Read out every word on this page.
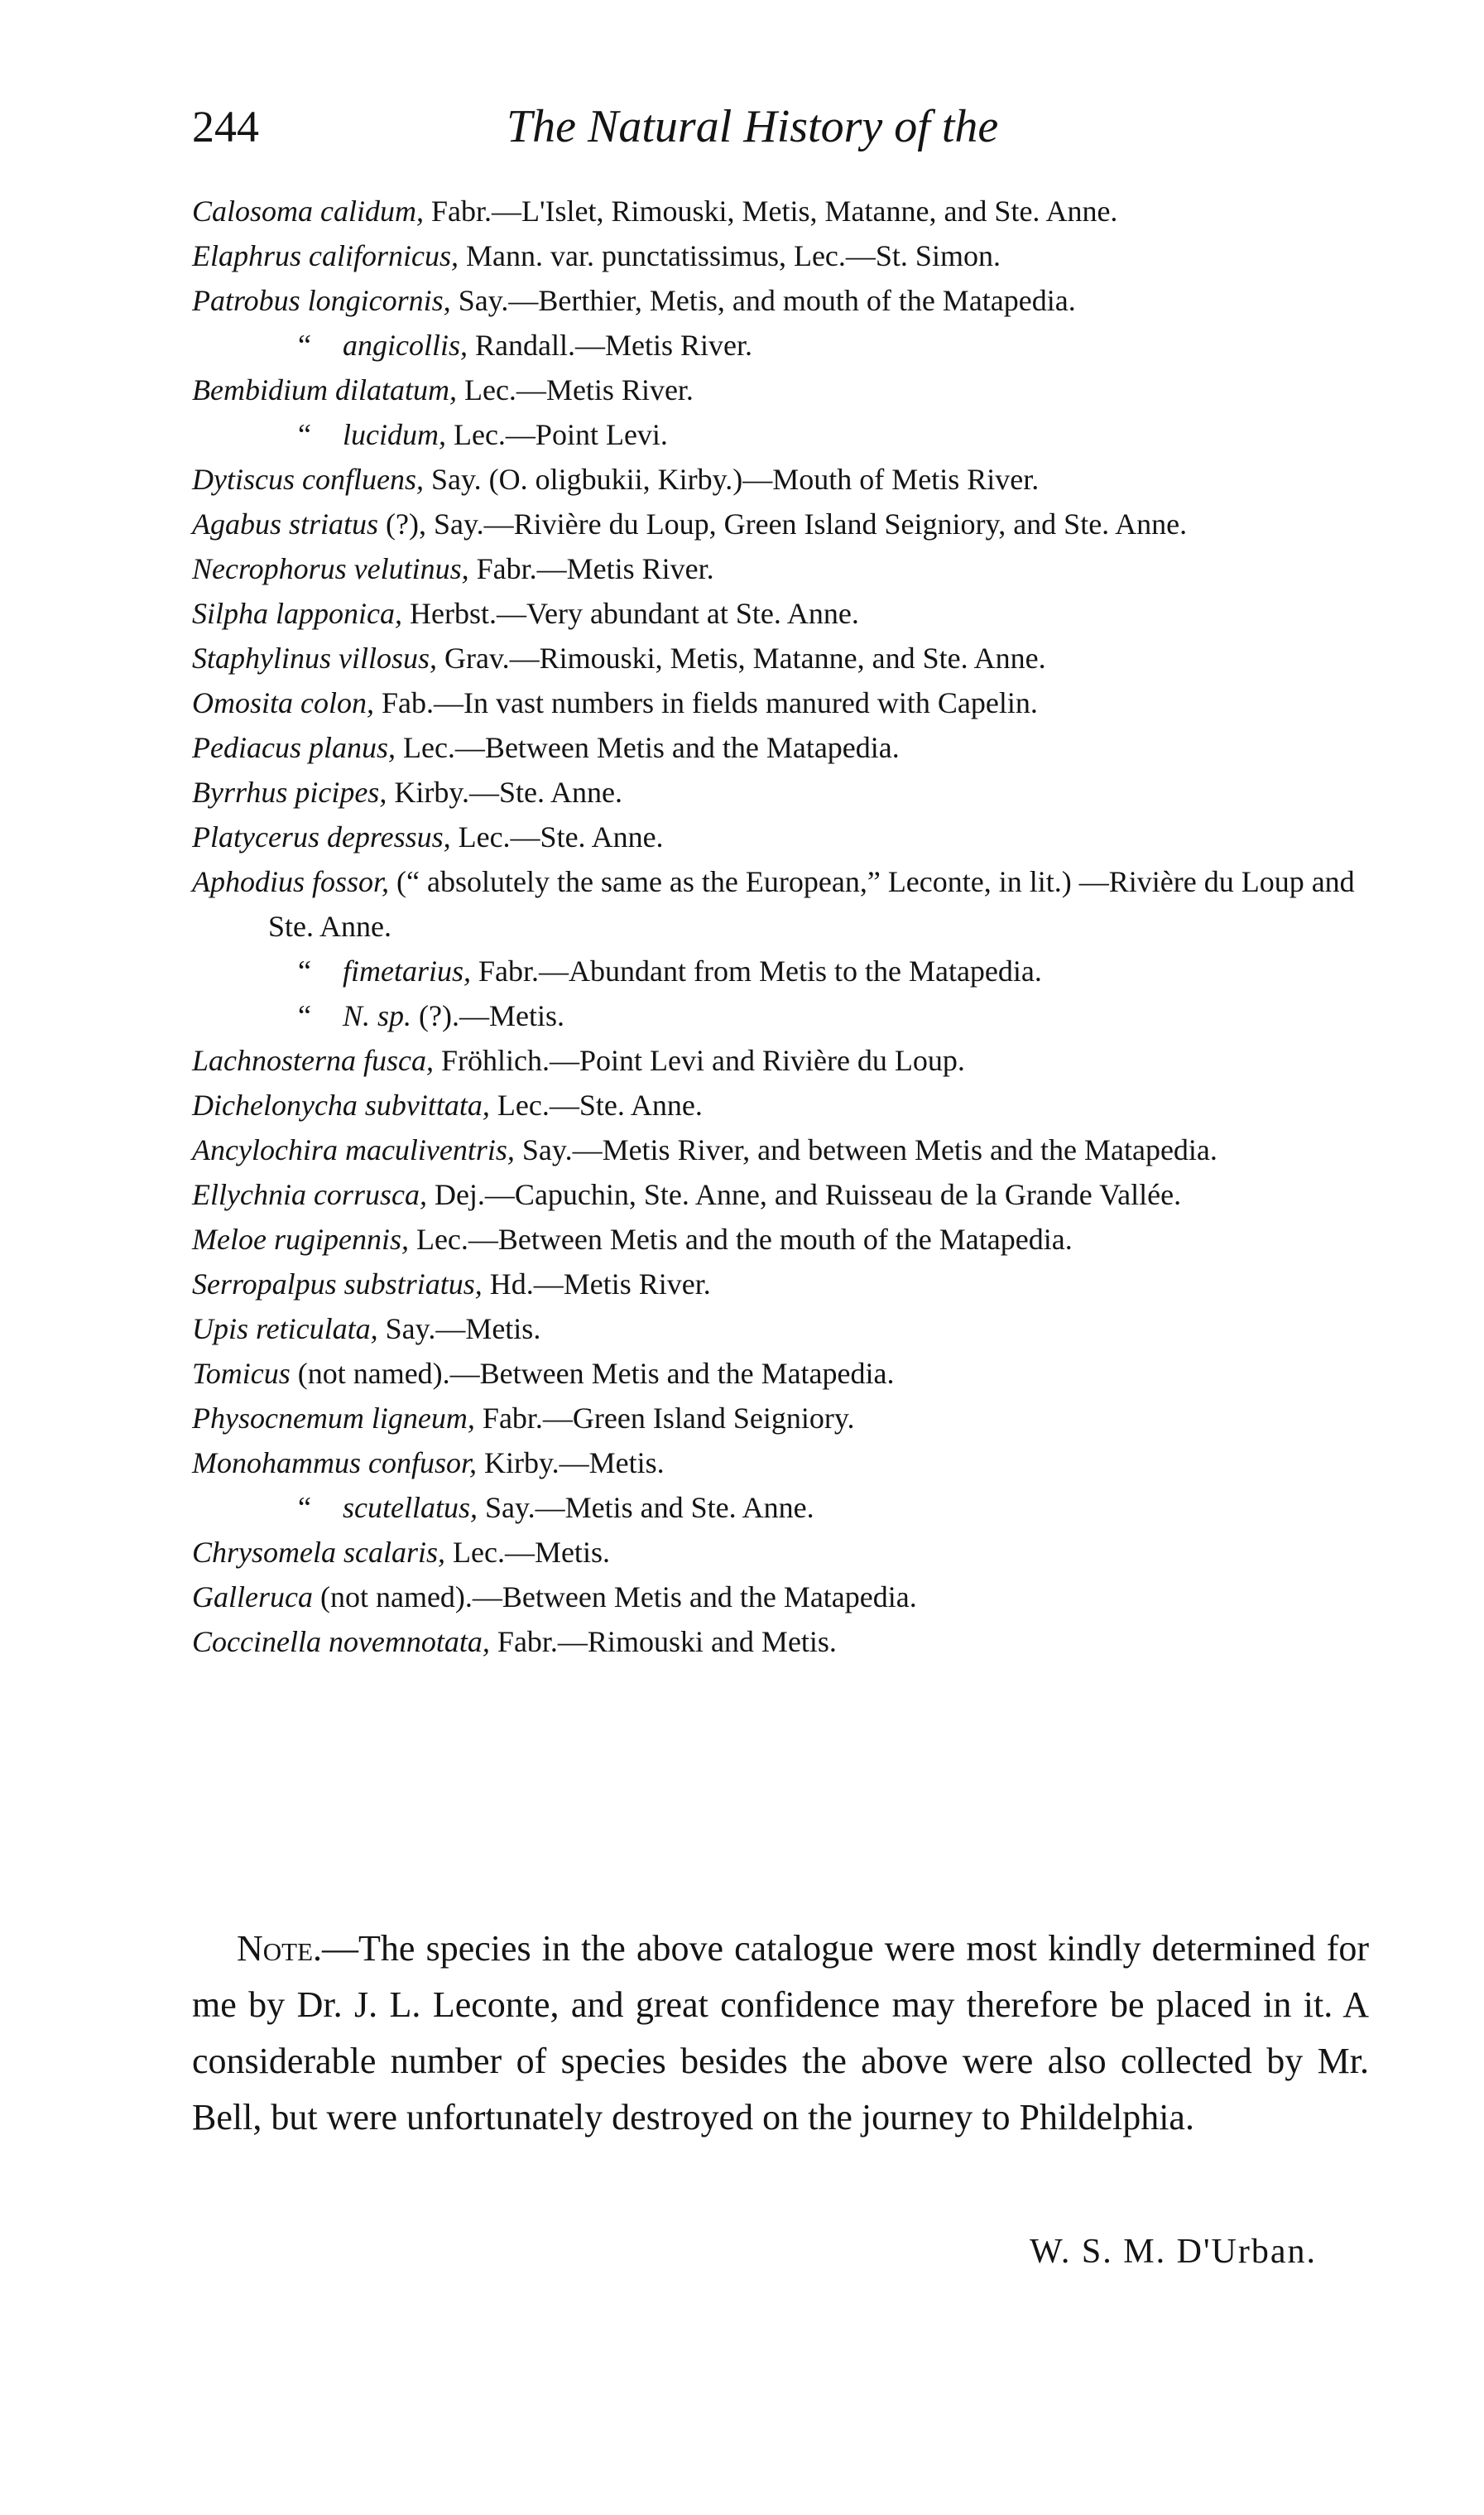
244	The Natural History of the
Calosoma calidum, Fabr.—L'Islet, Rimouski, Metis, Matanne, and Ste. Anne.
Elaphrus californicus, Mann. var. punctatissimus, Lec.—St. Simon.
Patrobus longicornis, Say.—Berthier, Metis, and mouth of the Matapedia.
“ angicollis, Randall.—Metis River.
Bembidium dilatatum, Lec.—Metis River.
“ lucidum, Lec.—Point Levi.
Dytiscus confluens, Say. (O. oligbukii, Kirby.)—Mouth of Metis River.
Agabus striatus (?), Say.—Rivière du Loup, Green Island Seigniory, and Ste. Anne.
Necrophorus velutinus, Fabr.—Metis River.
Silpha lapponica, Herbst.—Very abundant at Ste. Anne.
Staphylinus villosus, Grav.—Rimouski, Metis, Matanne, and Ste. Anne.
Omosita colon, Fab.—In vast numbers in fields manured with Capelin.
Pediacus planus, Lec.—Between Metis and the Matapedia.
Byrrhus picipes, Kirby.—Ste. Anne.
Platycerus depressus, Lec.—Ste. Anne.
Aphodius fossor, (“ absolutely the same as the European,” Leconte, in lit.) —Rivière du Loup and Ste. Anne.
“ fimetarius, Fabr.—Abundant from Metis to the Matapedia.
“ N. sp. (?).—Metis.
Lachnosterna fusca, Fröhlich.—Point Levi and Rivière du Loup.
Dichelonycha subvittata, Lec.—Ste. Anne.
Ancylochira maculiventris, Say.—Metis River, and between Metis and the Matapedia.
Ellychnia corrusca, Dej.—Capuchin, Ste. Anne, and Ruisseau de la Grande Vallée.
Meloe rugipennis, Lec.—Between Metis and the mouth of the Matapedia.
Serropalpus substriatus, Hd.—Metis River.
Upis reticulata, Say.—Metis.
Tomicus (not named).—Between Metis and the Matapedia.
Physocnemum ligneum, Fabr.—Green Island Seigniory.
Monohammus confusor, Kirby.—Metis.
“ scutellatus, Say.—Metis and Ste. Anne.
Chrysomela scalaris, Lec.—Metis.
Galleruca (not named).—Between Metis and the Matapedia.
Coccinella novemnotata, Fabr.—Rimouski and Metis.
Note.—The species in the above catalogue were most kindly determined for me by Dr. J. L. Leconte, and great confidence may therefore be placed in it. A considerable number of species besides the above were also collected by Mr. Bell, but were unfortunately destroyed on the journey to Phildelphia.
W. S. M. D'Urban.
